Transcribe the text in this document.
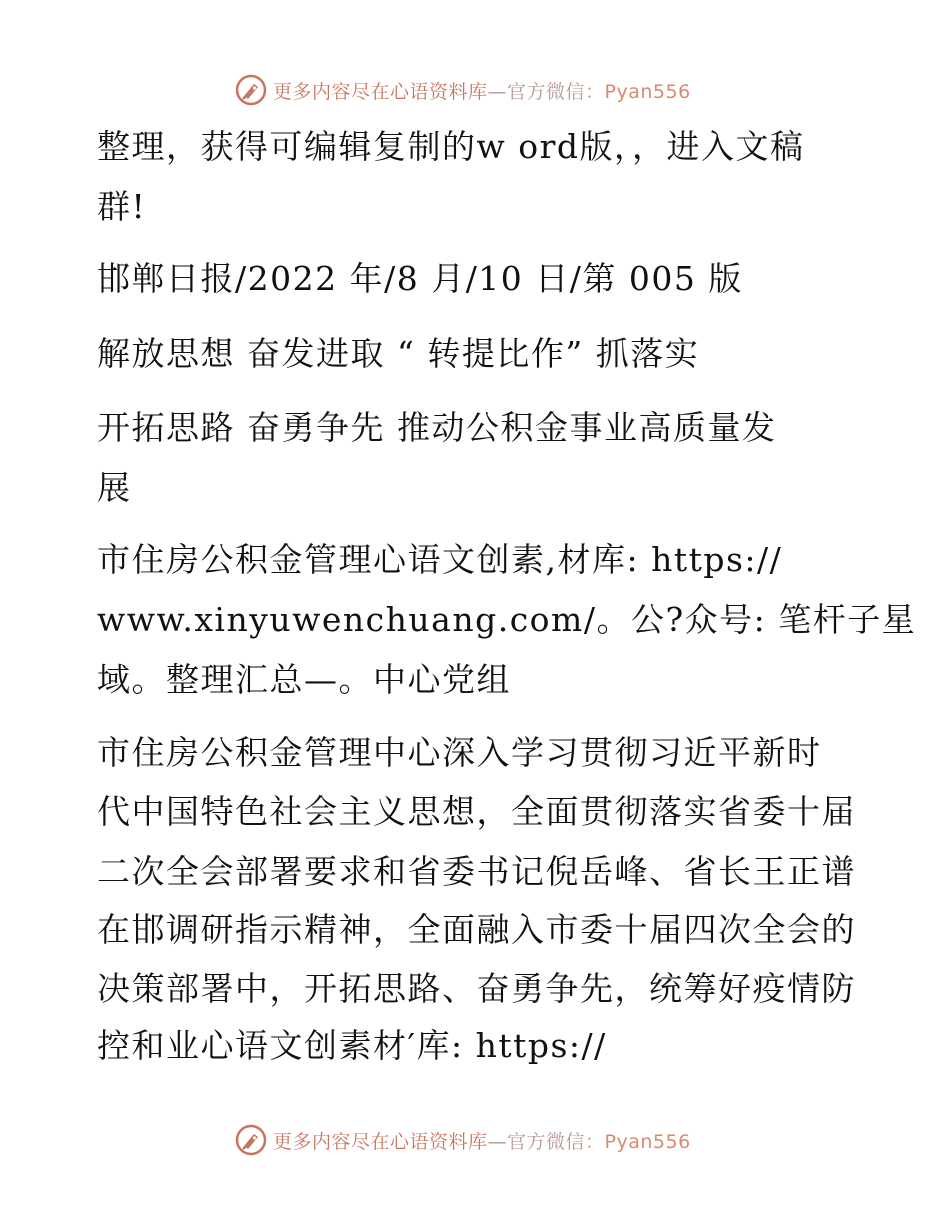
更多内容尽在心语资料库—官方微信：Pyan556
整理，获得可编辑复制的w ord版，，进入文稿
群!
邯郸日报/2022 年/8 月/10 日/第 005 版
解放思想 奋发进取 “ 转提比作” 抓落实
开拓思路 奋勇争先 推动公积金事业高质量发
展
市住房公积金管理心语文创素,材库: https://
www.xinyuwenchuang.com/。公?众号: 笔杆子星
域。整理汇总—。中心党组
市住房公积金管理中心深入学习贯彻习近平新时
代中国特色社会主义思想，全面贯彻落实省委十届
二次全会部署要求和省委书记倪岳峰、省长王正谱
在邯调研指示精神，全面融入市委十届四次全会的
决策部署中，开拓思路、奋勇争先，统筹好疫情防
控和业心语文创素材′库: https://
更多内容尽在心语资料库—官方微信：Pyan556
